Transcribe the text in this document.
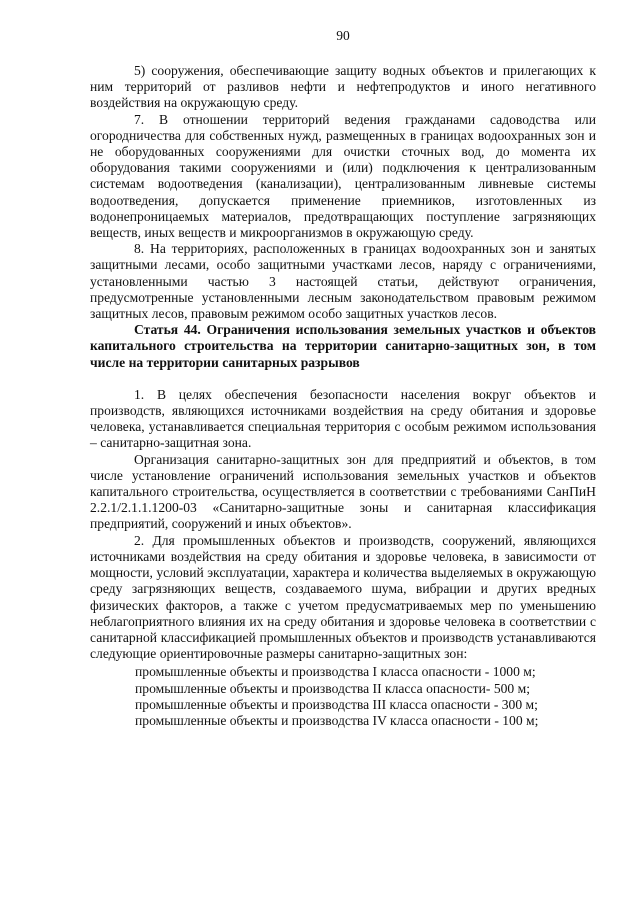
90

5) сооружения, обеспечивающие защиту водных объектов и прилегающих к ним территорий от разливов нефти и нефтепродуктов и иного негативного воздействия на окружающую среду.

7. В отношении территорий ведения гражданами садоводства или огородничества для собственных нужд, размещенных в границах водоохранных зон и не оборудованных сооружениями для очистки сточных вод, до момента их оборудования такими сооружениями и (или) подключения к централизованным системам водоотведения (канализации), централизованным ливневые системы водоотведения, допускается применение приемников, изготовленных из водонепроницаемых материалов, предотвращающих поступление загрязняющих веществ, иных веществ и микроорганизмов в окружающую среду.

8. На территориях, расположенных в границах водоохранных зон и занятых защитными лесами, особо защитными участками лесов, наряду с ограничениями, установленными частью 3 настоящей статьи, действуют ограничения, предусмотренные установленными лесным законодательством правовым режимом защитных лесов, правовым режимом особо защитных участков лесов.

Статья 44. Ограничения использования земельных участков и объектов капитального строительства на территории санитарно-защитных зон, в том числе на территории санитарных разрывов

1. В целях обеспечения безопасности населения вокруг объектов и производств, являющихся источниками воздействия на среду обитания и здоровье человека, устанавливается специальная территория с особым режимом использования – санитарно-защитная зона.

Организация санитарно-защитных зон для предприятий и объектов, в том числе установление ограничений использования земельных участков и объектов капитального строительства, осуществляется в соответствии с требованиями СанПиН 2.2.1/2.1.1.1200-03 «Санитарно-защитные зоны и санитарная классификация предприятий, сооружений и иных объектов».

2. Для промышленных объектов и производств, сооружений, являющихся источниками воздействия на среду обитания и здоровье человека, в зависимости от мощности, условий эксплуатации, характера и количества выделяемых в окружающую среду загрязняющих веществ, создаваемого шума, вибрации и других вредных физических факторов, а также с учетом предусматриваемых мер по уменьшению неблагоприятного влияния их на среду обитания и здоровье человека в соответствии с санитарной классификацией промышленных объектов и производств устанавливаются следующие ориентировочные размеры санитарно-защитных зон:

промышленные объекты и производства I класса опасности - 1000 м;
промышленные объекты и производства II класса опасности- 500 м;
промышленные объекты и производства III класса опасности - 300 м;
промышленные объекты и производства IV класса опасности - 100 м;
